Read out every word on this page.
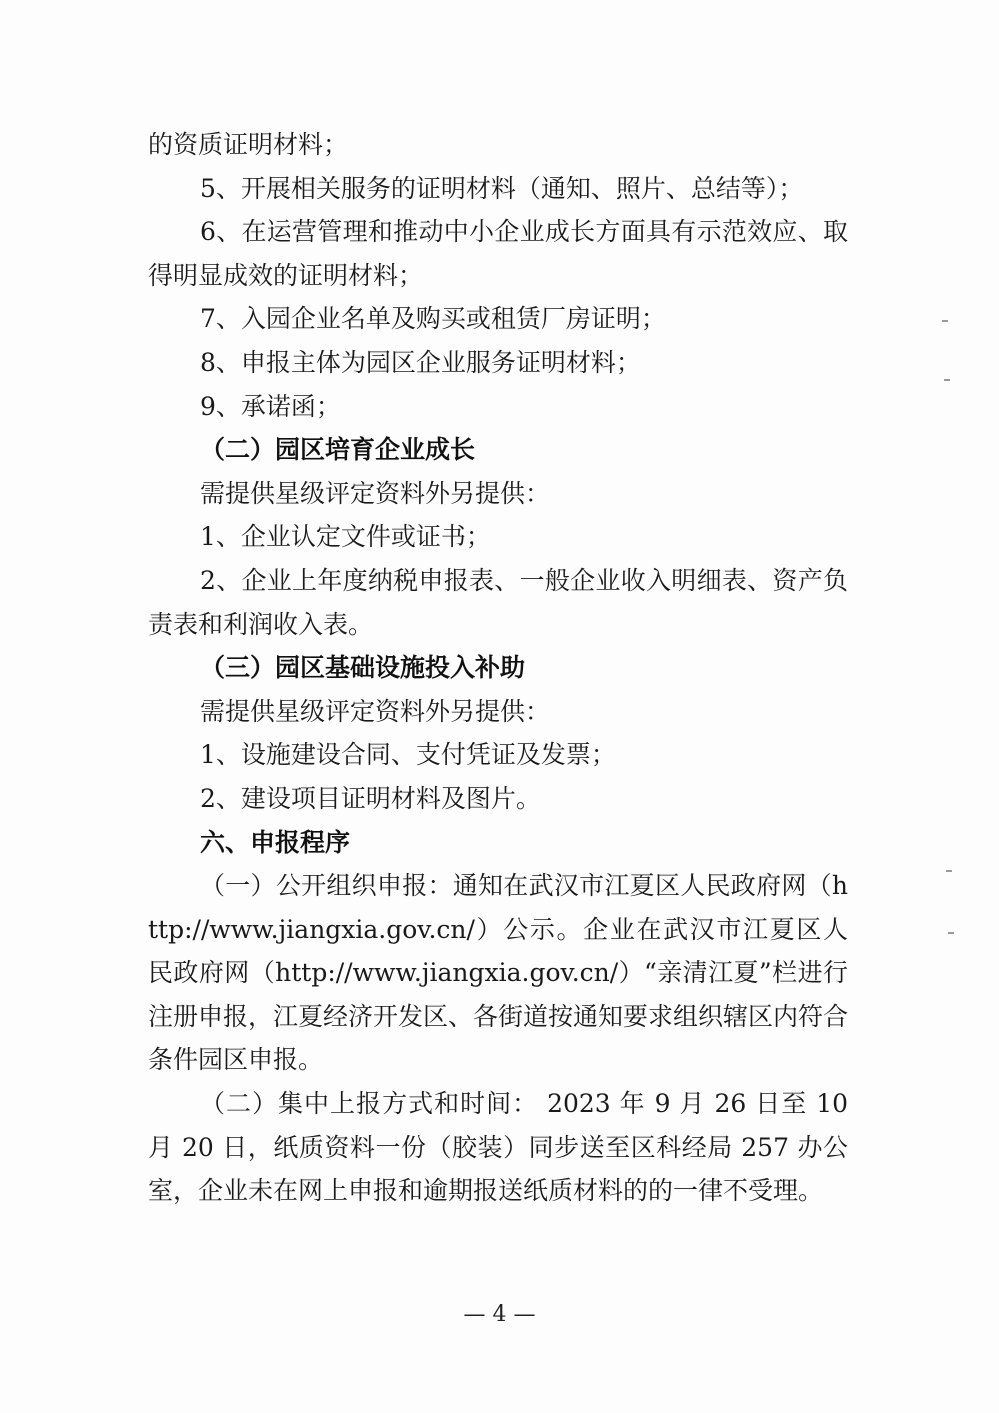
的资质证明材料；

5、开展相关服务的证明材料（通知、照片、总结等）；

6、在运营管理和推动中小企业成长方面具有示范效应、取得明显成效的证明材料；

7、入园企业名单及购买或租赁厂房证明；

8、申报主体为园区企业服务证明材料；

9、承诺函；

（二）园区培育企业成长

需提供星级评定资料外另提供：

1、企业认定文件或证书；

2、企业上年度纳税申报表、一般企业收入明细表、资产负责表和利润收入表。

（三）园区基础设施投入补助

需提供星级评定资料外另提供：

1、设施建设合同、支付凭证及发票；

2、建设项目证明材料及图片。

六、申报程序

（一）公开组织申报：通知在武汉市江夏区人民政府网（http://www.jiangxia.gov.cn/）公示。企业在武汉市江夏区人民政府网（http://www.jiangxia.gov.cn/）“亲清江夏”栏进行注册申报，江夏经济开发区、各街道按通知要求组织辖区内符合条件园区申报。

（二）集中上报方式和时间： 2023 年 9 月 26 日至 10 月 20 日，纸质资料一份（胶装）同步送至区科经局 257 办公室，企业未在网上申报和逾期报送纸质材料的的一律不受理。

— 4 —
